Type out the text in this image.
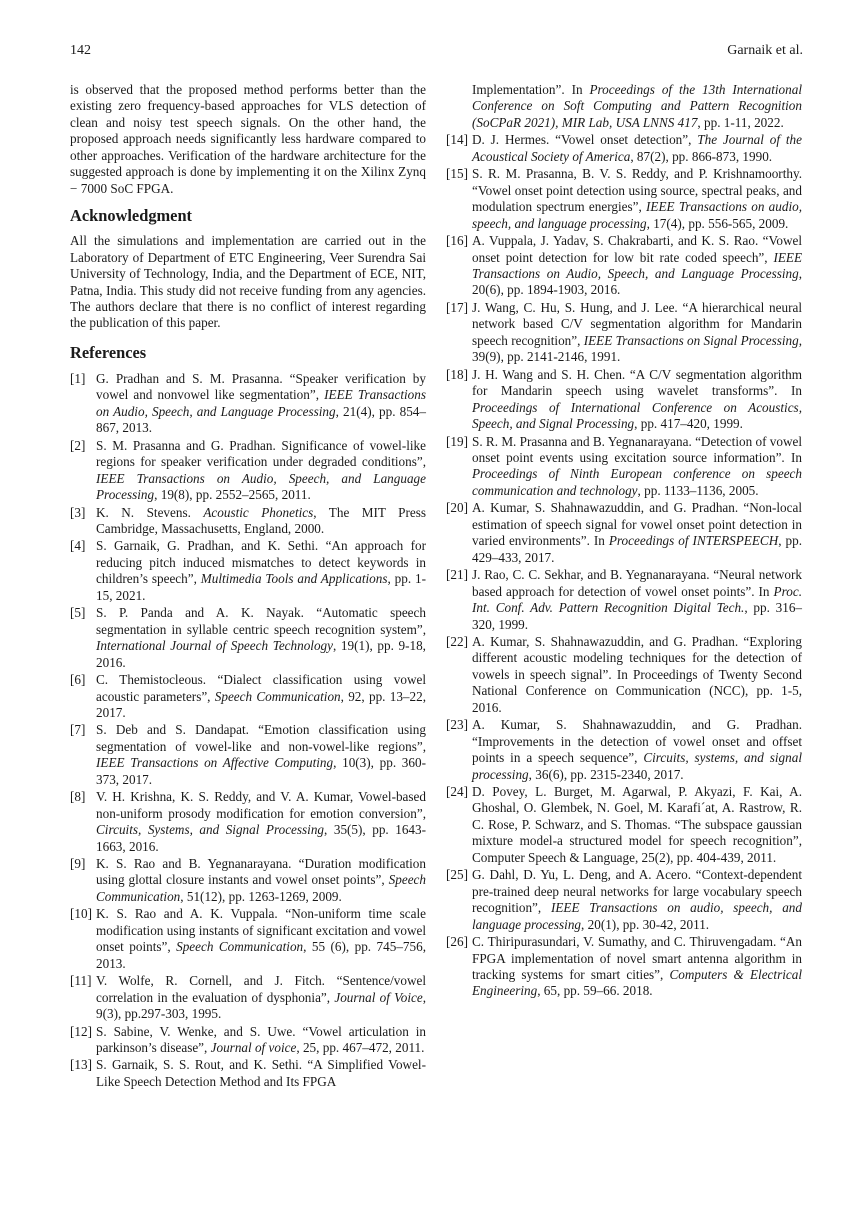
142	Garnaik et al.

is observed that the proposed method performs better than the existing zero frequency-based approaches for VLS detection of clean and noisy test speech signals. On the other hand, the proposed approach needs significantly less hardware compared to other approaches. Verification of the hardware architecture for the suggested approach is done by implementing it on the Xilinx Zynq − 7000 SoC FPGA.

Acknowledgment

All the simulations and implementation are carried out in the Laboratory of Department of ETC Engineering, Veer Surendra Sai University of Technology, India, and the Department of ECE, NIT, Patna, India. This study did not receive funding from any agencies. The authors declare that there is no conflict of interest regarding the publication of this paper.

References
[1] G. Pradhan and S. M. Prasanna. “Speaker verification by vowel and nonvowel like segmentation”, IEEE Transactions on Audio, Speech, and Language Processing, 21(4), pp. 854–867, 2013.
[2] S. M. Prasanna and G. Pradhan. Significance of vowel-like regions for speaker verification under degraded conditions”, IEEE Transactions on Audio, Speech, and Language Processing, 19(8), pp. 2552–2565, 2011.
[3] K. N. Stevens. Acoustic Phonetics, The MIT Press Cambridge, Massachusetts, England, 2000.
[4] S. Garnaik, G. Pradhan, and K. Sethi. “An approach for reducing pitch induced mismatches to detect keywords in children’s speech”, Multimedia Tools and Applications, pp. 1-15, 2021.
[5] S. P. Panda and A. K. Nayak. “Automatic speech segmentation in syllable centric speech recognition system”, International Journal of Speech Technology, 19(1), pp. 9-18, 2016.
[6] C. Themistocleous. “Dialect classification using vowel acoustic parameters”, Speech Communication, 92, pp. 13–22, 2017.
[7] S. Deb and S. Dandapat. “Emotion classification using segmentation of vowel-like and non-vowel-like regions”, IEEE Transactions on Affective Computing, 10(3), pp. 360-373, 2017.
[8] V. H. Krishna, K. S. Reddy, and V. A. Kumar, Vowel-based non-uniform prosody modification for emotion conversion”, Circuits, Systems, and Signal Processing, 35(5), pp. 1643-1663, 2016.
[9] K. S. Rao and B. Yegnanarayana. “Duration modification using glottal closure instants and vowel onset points”, Speech Communication, 51(12), pp. 1263-1269, 2009.
[10] K. S. Rao and A. K. Vuppala. “Non-uniform time scale modification using instants of significant excitation and vowel onset points”, Speech Communication, 55 (6), pp. 745–756, 2013.
[11] V. Wolfe, R. Cornell, and J. Fitch. “Sentence/vowel correlation in the evaluation of dysphonia”, Journal of Voice, 9(3), pp.297-303, 1995.
[12] S. Sabine, V. Wenke, and S. Uwe. “Vowel articulation in parkinson’s disease”, Journal of voice, 25, pp. 467–472, 2011.
[13] S. Garnaik, S. S. Rout, and K. Sethi. “A Simplified Vowel-Like Speech Detection Method and Its FPGA
Implementation”. In Proceedings of the 13th International Conference on Soft Computing and Pattern Recognition (SoCPaR 2021), MIR Lab, USA LNNS 417, pp. 1-11, 2022.
[14] D. J. Hermes. “Vowel onset detection”, The Journal of the Acoustical Society of America, 87(2), pp. 866-873, 1990.
[15] S. R. M. Prasanna, B. V. S. Reddy, and P. Krishnamoorthy. “Vowel onset point detection using source, spectral peaks, and modulation spectrum energies”, IEEE Transactions on audio, speech, and language processing, 17(4), pp. 556-565, 2009.
[16] A. Vuppala, J. Yadav, S. Chakrabarti, and K. S. Rao. “Vowel onset point detection for low bit rate coded speech”, IEEE Transactions on Audio, Speech, and Language Processing, 20(6), pp. 1894-1903, 2016.
[17] J. Wang, C. Hu, S. Hung, and J. Lee. “A hierarchical neural network based C/V segmentation algorithm for Mandarin speech recognition”, IEEE Transactions on Signal Processing, 39(9), pp. 2141-2146, 1991.
[18] J. H. Wang and S. H. Chen. “A C/V segmentation algorithm for Mandarin speech using wavelet transforms”. In Proceedings of International Conference on Acoustics, Speech, and Signal Processing, pp. 417–420, 1999.
[19] S. R. M. Prasanna and B. Yegnanarayana. “Detection of vowel onset point events using excitation source information”. In Proceedings of Ninth European conference on speech communication and technology, pp. 1133–1136, 2005.
[20] A. Kumar, S. Shahnawazuddin, and G. Pradhan. “Non-local estimation of speech signal for vowel onset point detection in varied environments”. In Proceedings of INTERSPEECH, pp. 429–433, 2017.
[21] J. Rao, C. C. Sekhar, and B. Yegnanarayana. “Neural network based approach for detection of vowel onset points”. In Proc. Int. Conf. Adv. Pattern Recognition Digital Tech., pp. 316–320, 1999.
[22] A. Kumar, S. Shahnawazuddin, and G. Pradhan. “Exploring different acoustic modeling techniques for the detection of vowels in speech signal”. In Proceedings of Twenty Second National Conference on Communication (NCC), pp. 1-5, 2016.
[23] A. Kumar, S. Shahnawazuddin, and G. Pradhan. “Improvements in the detection of vowel onset and offset points in a speech sequence”, Circuits, systems, and signal processing, 36(6), pp. 2315-2340, 2017.
[24] D. Povey, L. Burget, M. Agarwal, P. Akyazi, F. Kai, A. Ghoshal, O. Glembek, N. Goel, M. Karafi´at, A. Rastrow, R. C. Rose, P. Schwarz, and S. Thomas. “The subspace gaussian mixture model-a structured model for speech recognition”, Computer Speech & Language, 25(2), pp. 404-439, 2011.
[25] G. Dahl, D. Yu, L. Deng, and A. Acero. “Context-dependent pre-trained deep neural networks for large vocabulary speech recognition”, IEEE Transactions on audio, speech, and language processing, 20(1), pp. 30-42, 2011.
[26] C. Thiripurasundari, V. Sumathy, and C. Thiruvengadam. “An FPGA implementation of novel smart antenna algorithm in tracking systems for smart cities”, Computers & Electrical Engineering, 65, pp. 59–66. 2018.
